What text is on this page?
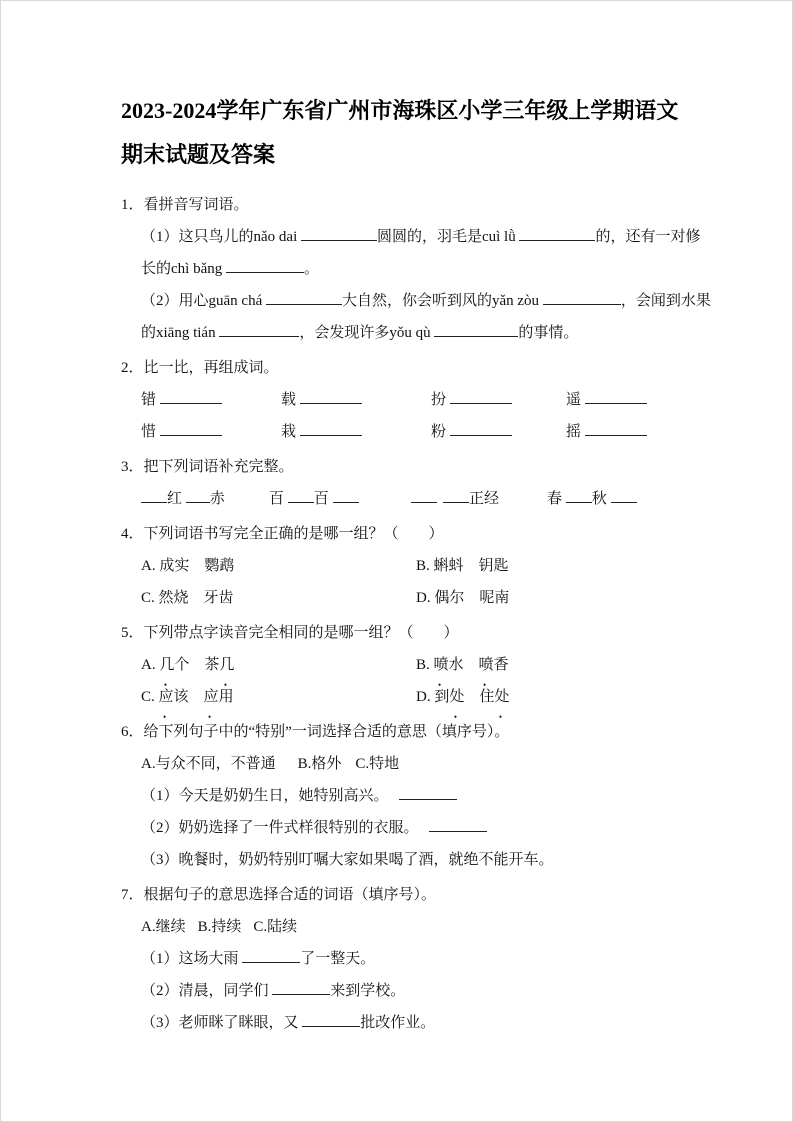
2023-2024学年广东省广州市海珠区小学三年级上学期语文
期末试题及答案
1．看拼音写词语。
（1）这只鸟儿的nǎo dai	圆圆的，羽毛是cuì lǜ	的，还有一对修
长的chì bǎng	。
（2）用心guān chá	大自然，你会听到风的yǎn zòu	，会闻到水果
的xiāng tián	，会发现许多yǒu qù	的事情。
2．比一比，再组成词。
错	载	扮	遥
惜	栽	粉	摇
3．把下列词语补充完整。
红 赤	百 百	正经	春 秋
4．下列词语书写完全正确的是哪一组？（　　）
A. 成实　鹦鹉	B. 蝌蚪　钥匙
C. 然烧　牙齿	D. 偶尔　呢南
5．下列带点字读音完全相同的是哪一组？（　　）
A. 几个　茶几	B. 喷水　喷香
C. 应该　应用	D. 到处　住处
6．给下列句子中的“特别”一词选择合适的意思（填序号）。
A.与众不同，不普通 B.格外 C.特地
（1）今天是奶奶生日，她特别高兴。
（2）奶奶选择了一件式样很特别的衣服。
（3）晚餐时，奶奶特别叮嘱大家如果喝了酒，就绝不能开车。
7．根据句子的意思选择合适的词语（填序号）。
A.继续 B.持续 C.陆续
（1）这场大雨	了一整天。
（2）清晨，同学们	来到学校。
（3）老师眯了眯眼，又	批改作业。
